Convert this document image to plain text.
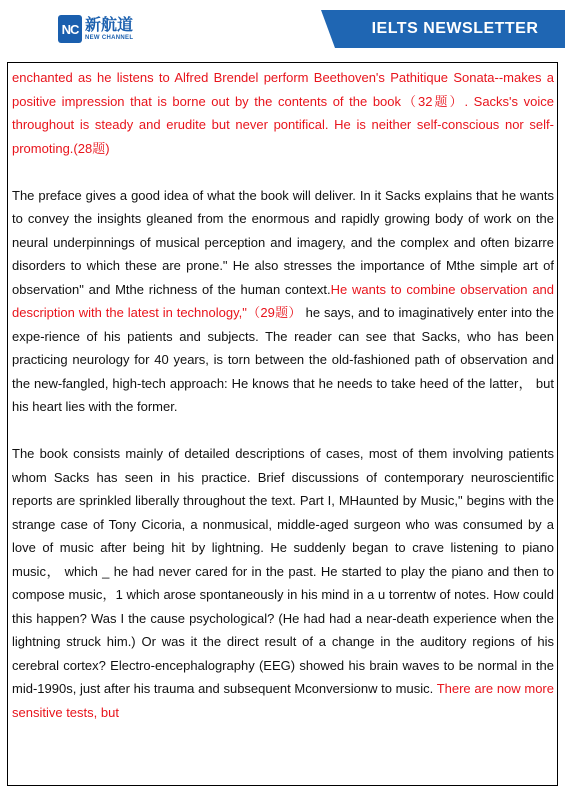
NC 新航道
NEW CHANNEL
IELTS NEWSLETTER

enchanted as he listens to Alfred Brendel perform Beethoven's Pathitique Sonata--makes a positive impression that is borne out by the contents of the book（32题）. Sacks's voice throughout is steady and erudite but never pontifical. He is neither self-conscious nor self-promoting.(28题)

The preface gives a good idea of what the book will deliver. In it Sacks explains that he wants to convey the insights gleaned from the enormous and rapidly growing body of work on the neural underpinnings of musical perception and imagery, and the complex and often bizarre disorders to which these are prone." He also stresses the importance of Mthe simple art of observation" and Mthe richness of the human context.He wants to combine observation and description with the latest in technology,"（29题） he says, and to imaginatively enter into the expe-rience of his patients and subjects. The reader can see that Sacks, who has been practicing neurology for 40 years, is torn between the old-fashioned path of observation and the new-fangled, high-tech approach: He knows that he needs to take heed of the latter， but his heart lies with the former.

The book consists mainly of detailed descriptions of cases, most of them involving patients whom Sacks has seen in his practice. Brief discussions of contemporary neuroscientific reports are sprinkled liberally throughout the text. Part I, MHaunted by Music," begins with the strange case of Tony Cicoria, a nonmusical, middle-aged surgeon who was consumed by a love of music after being hit by lightning. He suddenly began to crave listening to piano music， which _ he had never cared for in the past. He started to play the piano and then to compose music，1 which arose spontaneously in his mind in a u torrentw of notes. How could this happen? Was I the cause psychological? (He had had a near-death experience when the lightning struck him.) Or was it the direct result of a change in the auditory regions of his cerebral cortex? Electro-encephalography (EEG) showed his brain waves to be normal in the mid-1990s, just after his trauma and subsequent Mconversionw to music. There are now more sensitive tests, but
